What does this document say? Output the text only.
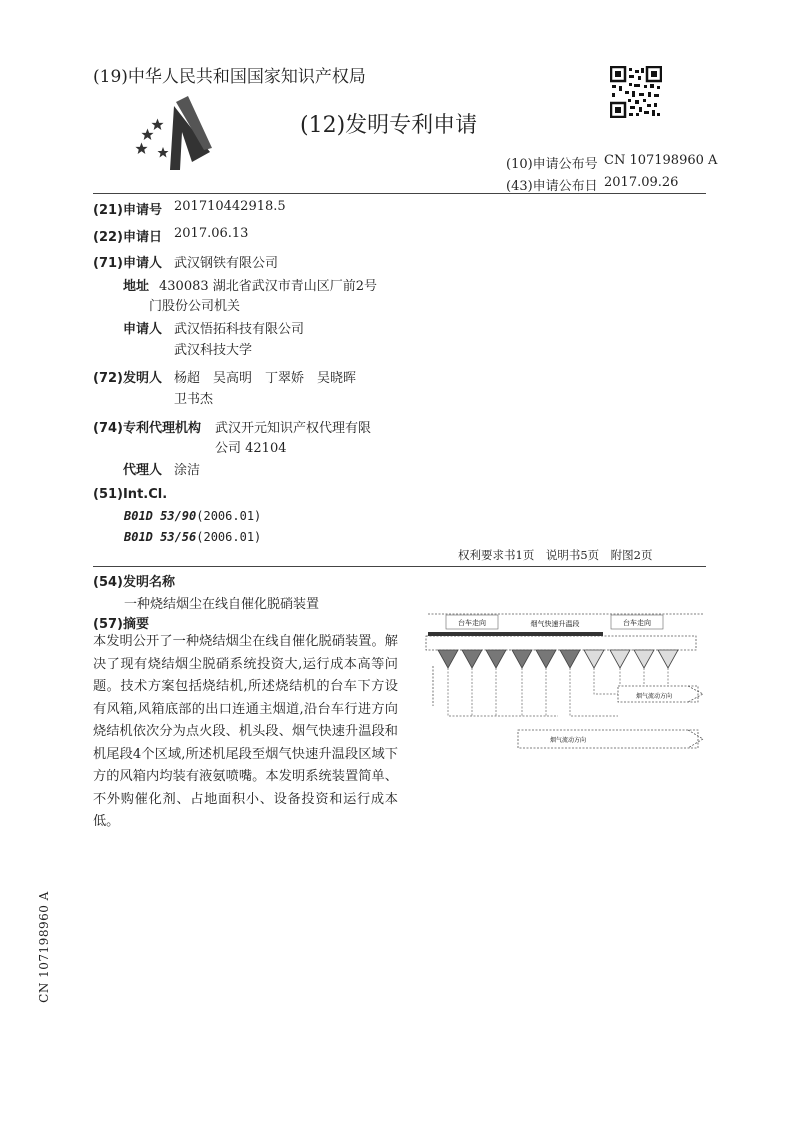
(19)中华人民共和国国家知识产权局
(12)发明专利申请
(10)申请公布号 CN 107198960 A
(43)申请公布日 2017.09.26
(21)申请号 201710442918.5
(22)申请日 2017.06.13
(71)申请人 武汉钢铁有限公司
地址 430083 湖北省武汉市青山区厂前2号
门股份公司机关
申请人 武汉悟拓科技有限公司
武汉科技大学
(72)发明人 杨超　吴高明　丁翠娇　吴晓晖
卫书杰
(74)专利代理机构 武汉开元知识产权代理有限
公司 42104
代理人 涂洁
(51)Int.Cl.
B01D 53/90(2006.01)
B01D 53/56(2006.01)
权利要求书1页　说明书5页　附图2页
(54)发明名称
一种烧结烟尘在线自催化脱硝装置
(57)摘要
本发明公开了一种烧结烟尘在线自催化脱硝装置。解决了现有烧结烟尘脱硝系统投资大,运行成本高等问题。技术方案包括烧结机,所述烧结机的台车下方设有风箱,风箱底部的出口连通主烟道,沿台车行进方向烧结机依次分为点火段、机头段、烟气快速升温段和机尾段4个区域,所述机尾段至烟气快速升温段区域下方的风箱内均装有液氨喷嘴。本发明系统装置简单、不外购催化剂、占地面积小、设备投资和运行成本低。
台车走向	烟气快速升温段	台车走向
烟气流动方向
烟气流动方向
CN 107198960 A
